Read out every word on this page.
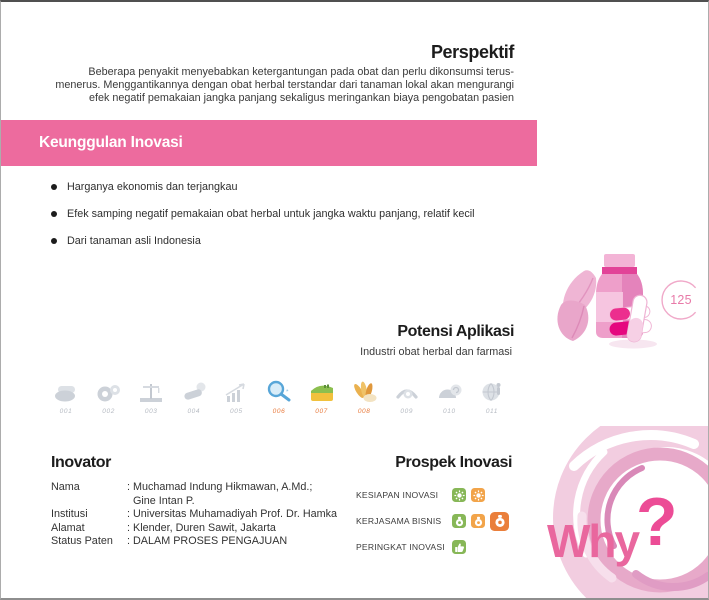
Perspektif
Beberapa penyakit menyebabkan ketergantungan pada obat dan perlu dikonsumsi terus-menerus. Menggantikannya dengan obat herbal terstandar dari tanaman lokal akan mengurangi efek negatif pemakaian jangka panjang sekaligus meringankan biaya pengobatan pasien
Keunggulan Inovasi
Harganya ekonomis dan terjangkau
Efek samping negatif pemakaian obat herbal untuk jangka waktu panjang, relatif kecil
Dari tanaman asli Indonesia
125
Potensi Aplikasi
Industri obat herbal dan farmasi
001	002	003	004	005	006	007	008	009	010	011
Inovator
Nama	: Muchamad Indung Hikmawan, A.Md.;
Gine Intan P.
Institusi	: Universitas Muhamadiyah Prof. Dr. Hamka
Alamat	: Klender, Duren Sawit, Jakarta
Status Paten	: DALAM PROSES PENGAJUAN
Prospek Inovasi
KESIAPAN INOVASI
KERJASAMA BISNIS
PERINGKAT INOVASI Why
?
